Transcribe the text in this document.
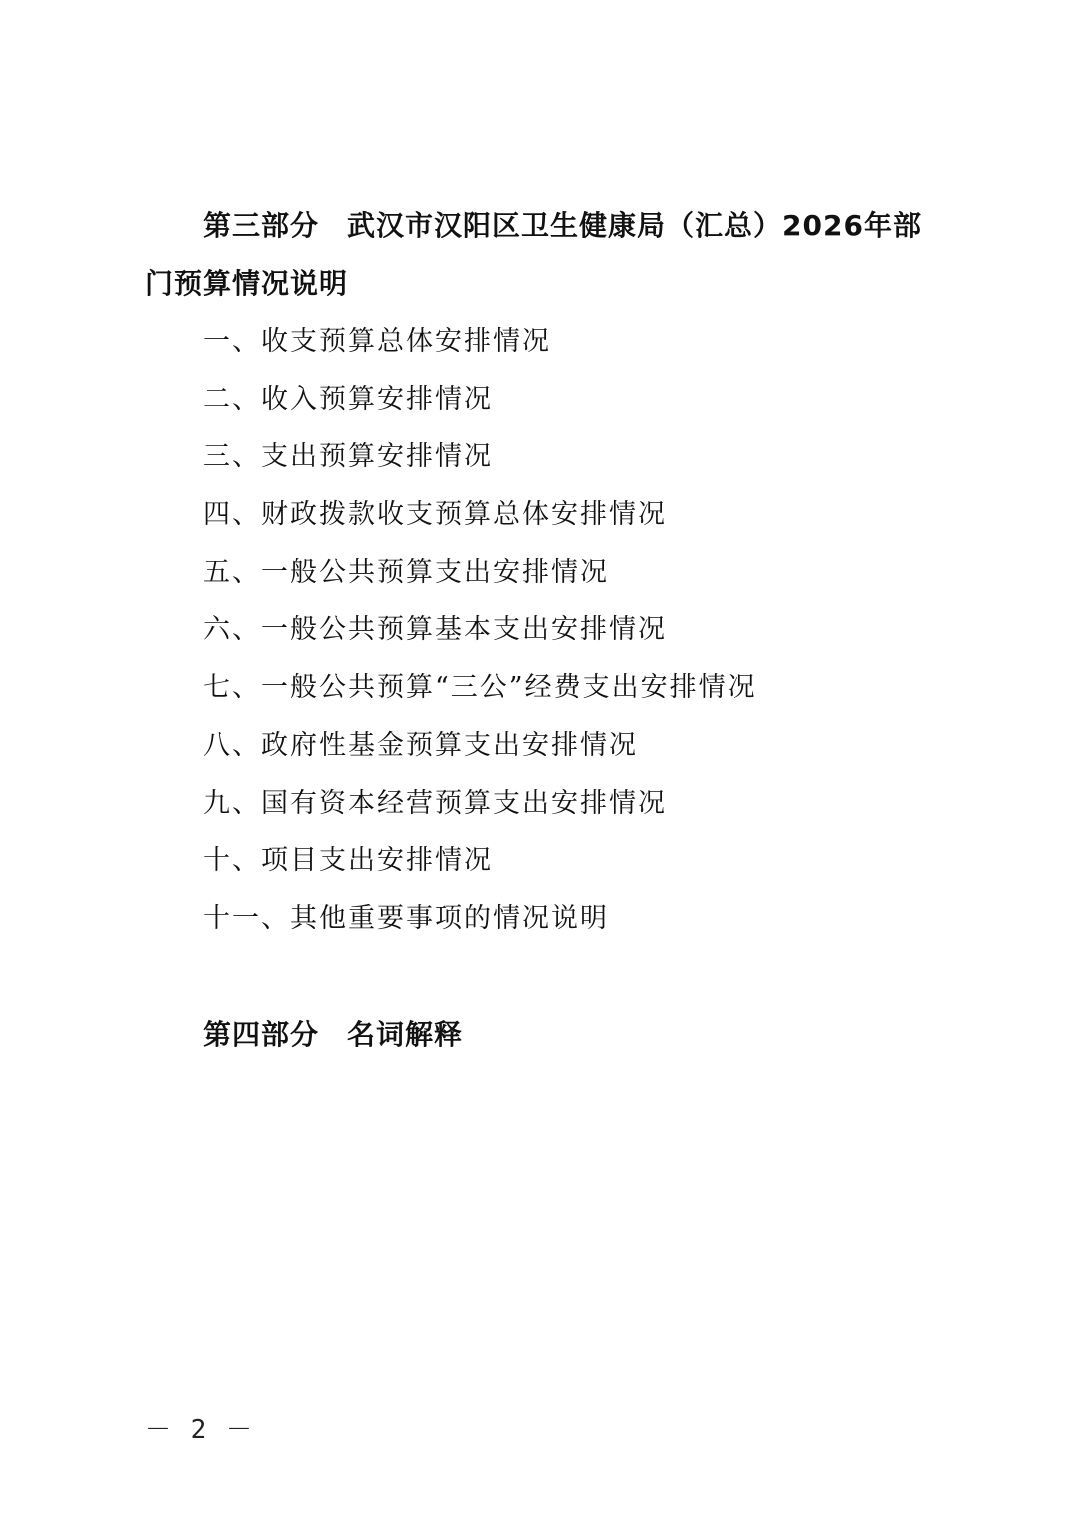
第三部分 武汉市汉阳区卫生健康局（汇总）2026年部门预算情况说明
一、收支预算总体安排情况
二、收入预算安排情况
三、支出预算安排情况
四、财政拨款收支预算总体安排情况
五、一般公共预算支出安排情况
六、一般公共预算基本支出安排情况
七、一般公共预算“三公”经费支出安排情况
八、政府性基金预算支出安排情况
九、国有资本经营预算支出安排情况
十、项目支出安排情况
十一、其他重要事项的情况说明
第四部分 名词解释
－ 2 －
